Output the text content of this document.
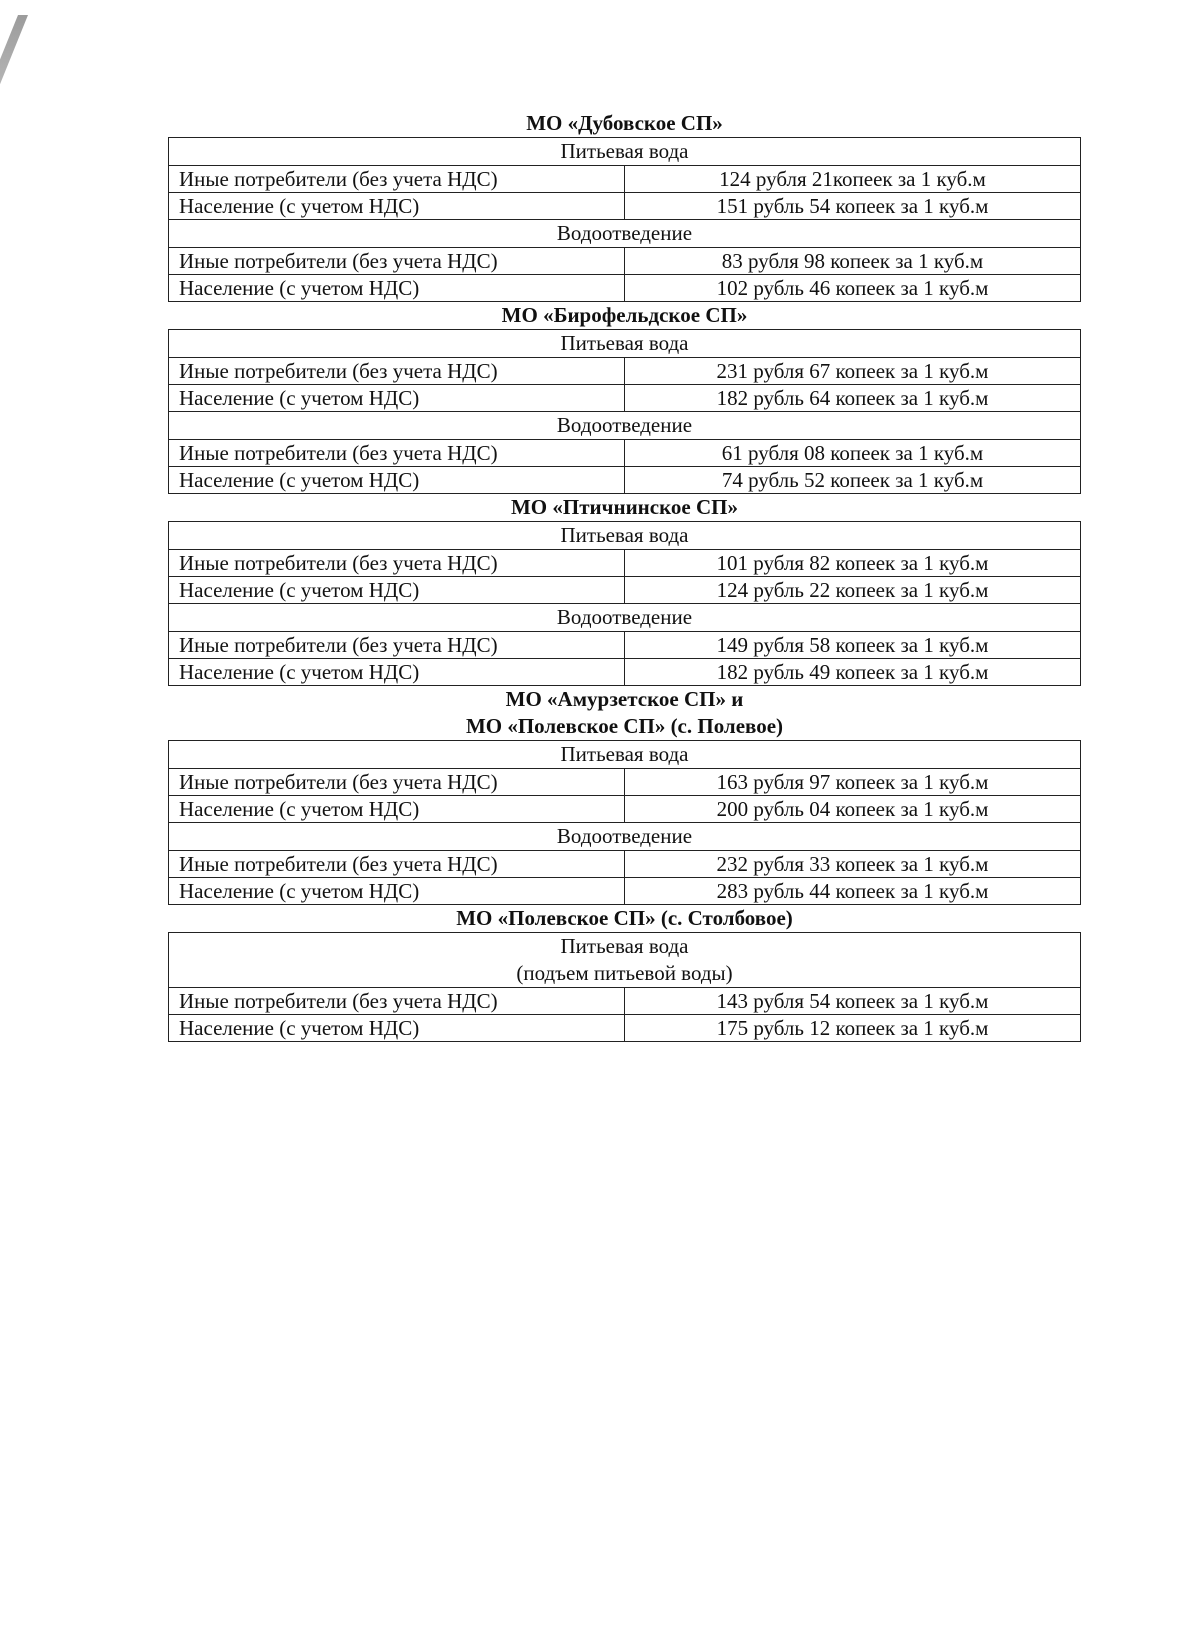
МО «Дубовское СП»
Питьевая вода	

Иные потребители (без учета НДС)	124 рубля 21копеек за 1 куб.м
Население (с учетом НДС)	151 рубль 54 копеек за 1 куб.м

Водоотведение	

Иные потребители (без учета НДС)	83 рубля 98 копеек за 1 куб.м
Население (с учетом НДС)	102 рубль 46 копеек за 1 куб.м
МО «Бирофельдское СП»
Питьевая вода	

Иные потребители (без учета НДС)	231 рубля 67 копеек за 1 куб.м
Население (с учетом НДС)	182 рубль 64 копеек за 1 куб.м

Водоотведение	

Иные потребители (без учета НДС)	61 рубля 08 копеек за 1 куб.м
Население (с учетом НДС)	74 рубль 52 копеек за 1 куб.м
МО «Птичнинское СП»
Питьевая вода	

Иные потребители (без учета НДС)	101 рубля 82 копеек за 1 куб.м
Население (с учетом НДС)	124 рубль 22 копеек за 1 куб.м

Водоотведение	

Иные потребители (без учета НДС)	149 рубля 58 копеек за 1 куб.м
Население (с учетом НДС)	182 рубль 49 копеек за 1 куб.м
МО «Амурзетское СП» и
МО «Полевское СП» (с. Полевое)
Питьевая вода	

Иные потребители (без учета НДС)	163 рубля 97 копеек за 1 куб.м
Население (с учетом НДС)	200 рубль 04 копеек за 1 куб.м

Водоотведение	

Иные потребители (без учета НДС)	232 рубля 33 копеек за 1 куб.м
Население (с учетом НДС)	283 рубль 44 копеек за 1 куб.м
МО «Полевское СП» (с. Столбовое)
Питьевая вода
(подъем питьевой воды)	

Иные потребители (без учета НДС)	143 рубля 54 копеек за 1 куб.м
Население (с учетом НДС)	175 рубль 12 копеек за 1 куб.м
